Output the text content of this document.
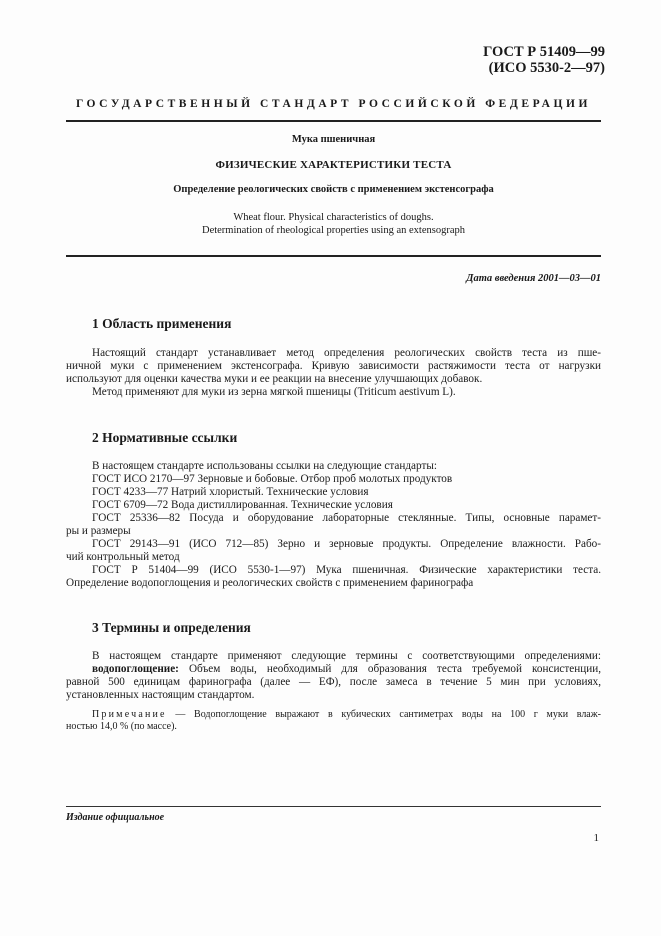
ГОСТ Р 51409—99
(ИСО 5530-2—97)
ГОСУДАРСТВЕННЫЙ СТАНДАРТ РОССИЙСКОЙ ФЕДЕРАЦИИ
Мука пшеничная
ФИЗИЧЕСКИЕ ХАРАКТЕРИСТИКИ ТЕСТА
Определение реологических свойств с применением экстенсографа
Wheat flour. Physical characteristics of doughs.
Determination of rheological properties using an extensograph
Дата введения 2001—03—01
1 Область применения
Настоящий стандарт устанавливает метод определения реологических свойств теста из пше-
ничной муки с применением экстенсографа. Кривую зависимости растяжимости теста от нагрузки
используют для оценки качества муки и ее реакции на внесение улучшающих добавок.
Метод применяют для муки из зерна мягкой пшеницы (Triticum aestivum L).
2 Нормативные ссылки
В настоящем стандарте использованы ссылки на следующие стандарты:
ГОСТ ИСО 2170—97 Зерновые и бобовые. Отбор проб молотых продуктов
ГОСТ 4233—77 Натрий хлористый. Технические условия
ГОСТ 6709—72 Вода дистиллированная. Технические условия
ГОСТ 25336—82 Посуда и оборудование лабораторные стеклянные. Типы, основные парамет-
ры и размеры
ГОСТ 29143—91 (ИСО 712—85) Зерно и зерновые продукты. Определение влажности. Рабо-
чий контрольный метод
ГОСТ Р 51404—99 (ИСО 5530-1—97) Мука пшеничная. Физические характеристики теста.
Определение водопоглощения и реологических свойств с применением фаринографа
3 Термины и определения
В настоящем стандарте применяют следующие термины с соответствующими определениями:
водопоглощение: Объем воды, необходимый для образования теста требуемой консистенции,
равной 500 единицам фаринографа (далее — ЕФ), после замеса в течение 5 мин при условиях,
установленных настоящим стандартом.
Примечание — Водопоглощение выражают в кубических сантиметрах воды на 100 г муки влаж-
ностью 14,0 % (по массе).
Издание официальное
1
